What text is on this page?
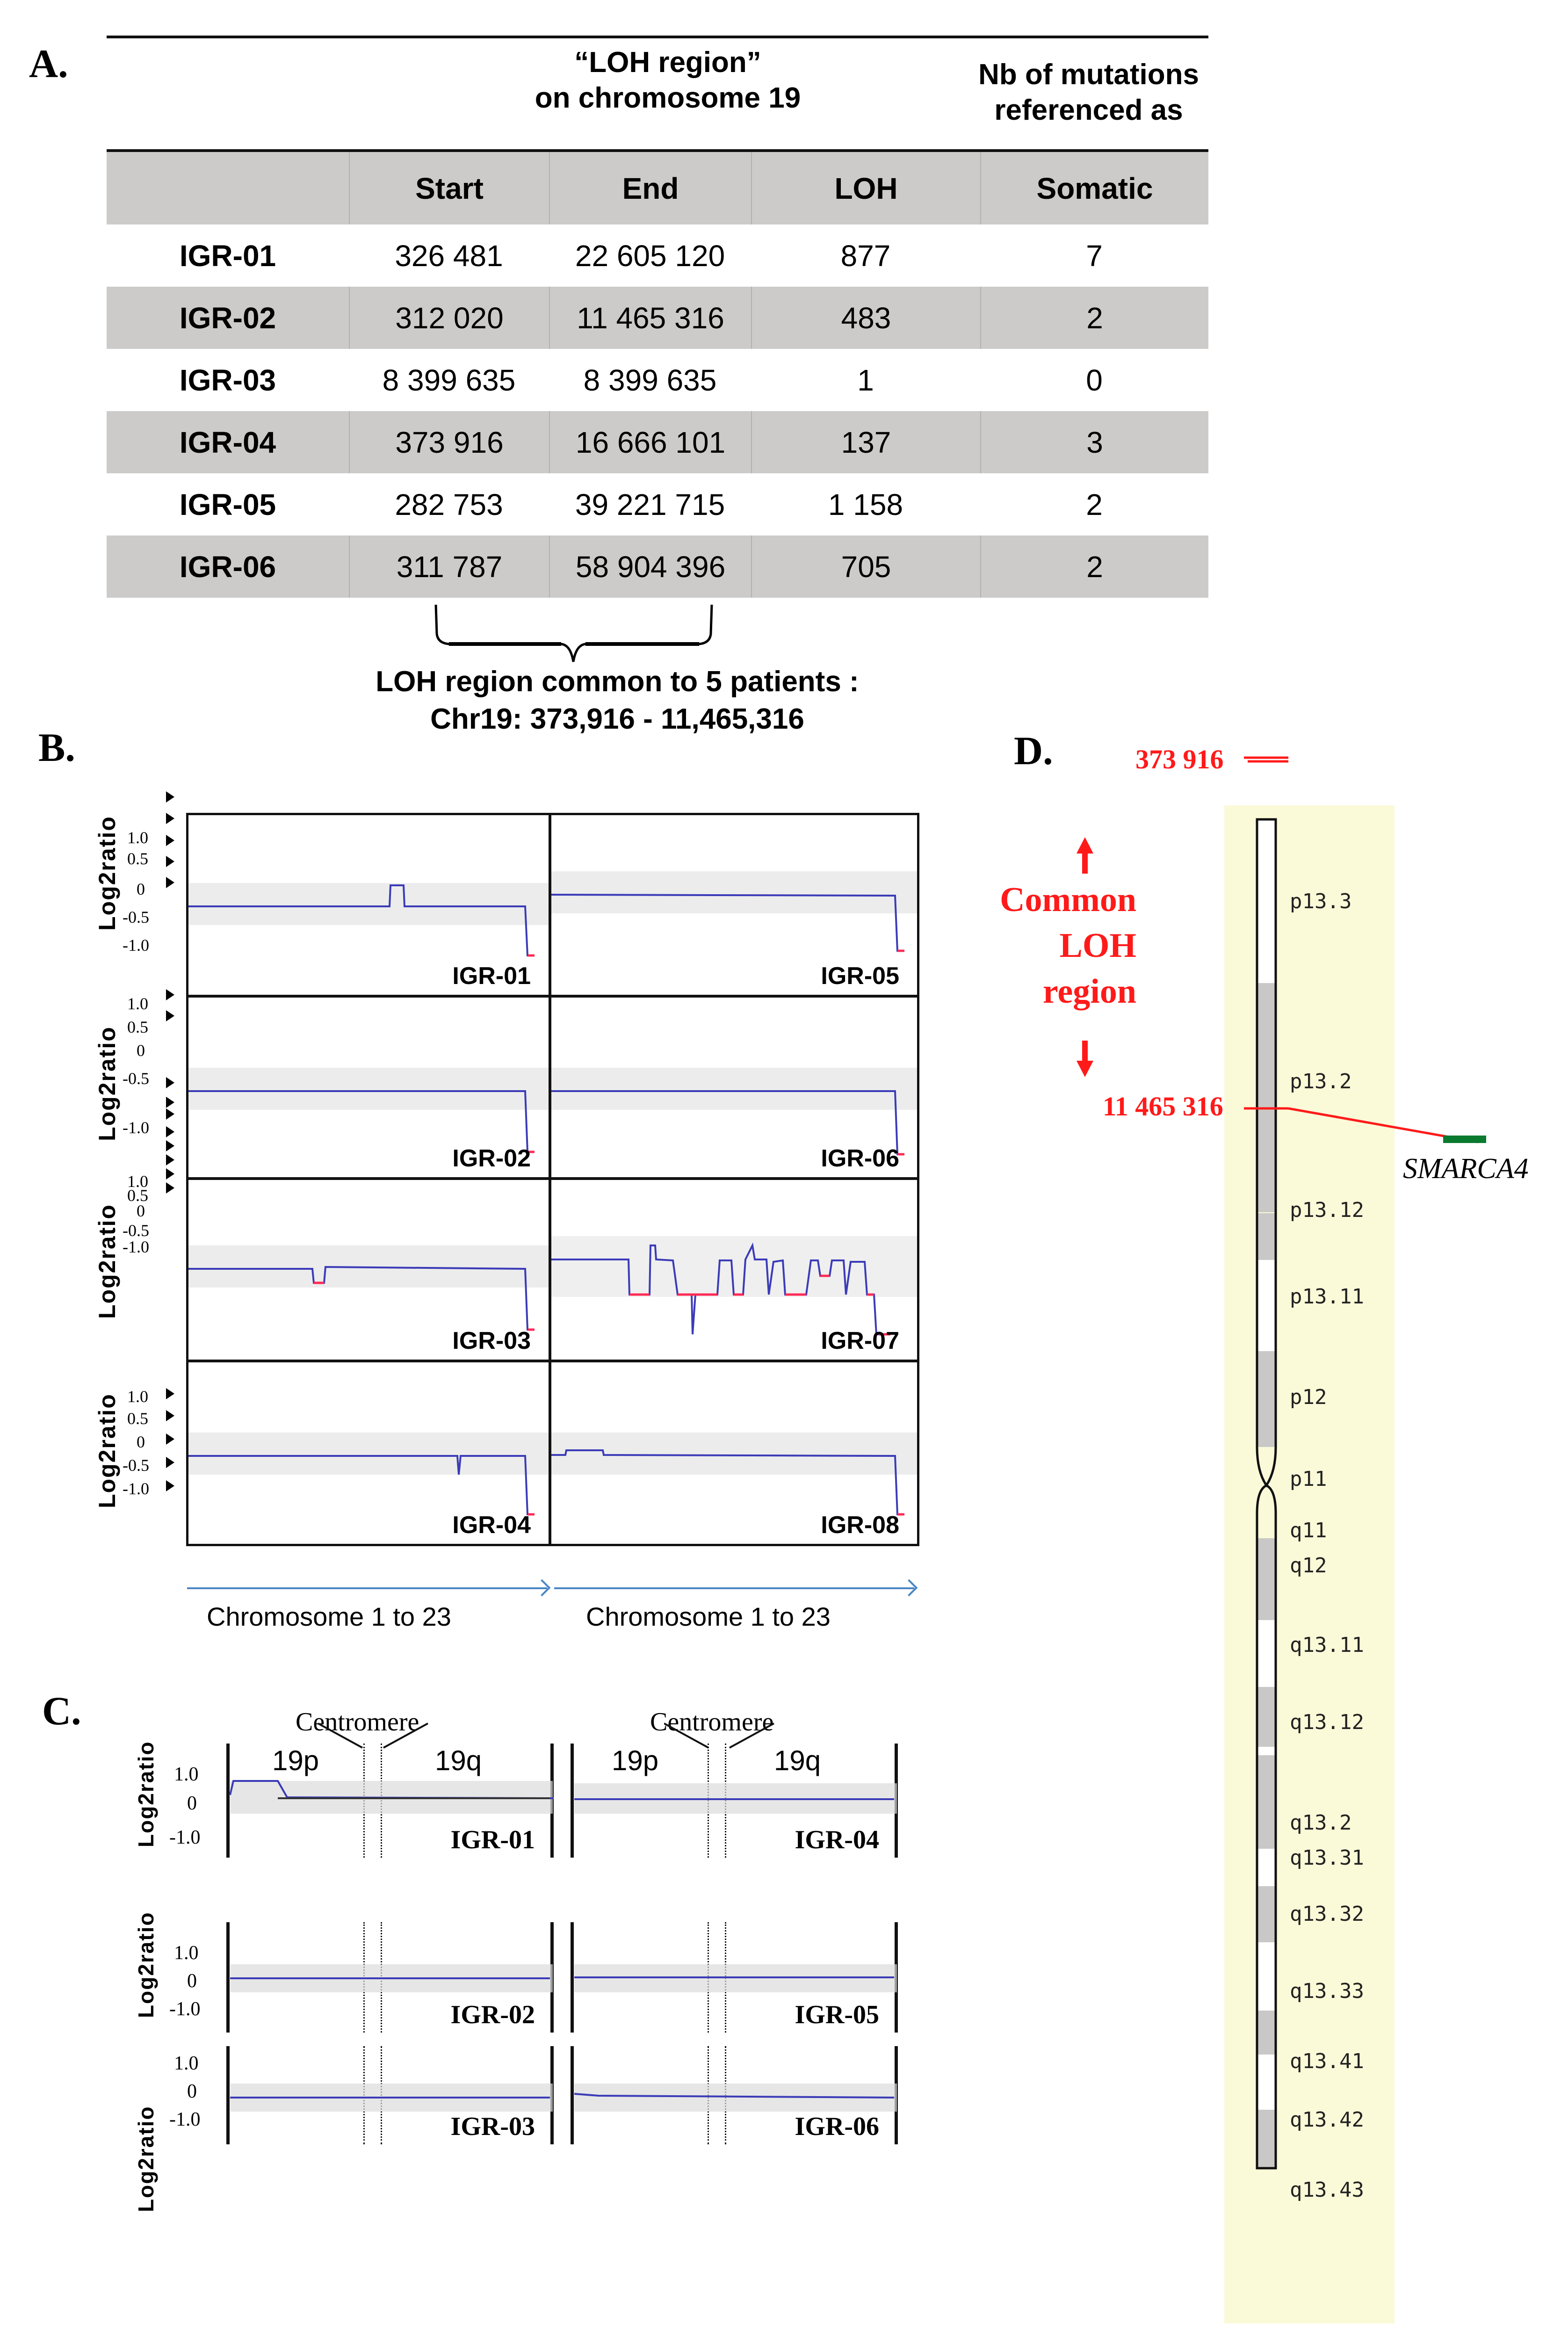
A.	“LOH region”
on chromosome 19
Nb of mutations
referenced as
Start	End	LOH	Somatic
IGR-01	326 481	22 605 120	877	7
IGR-02	312 020	11 465 316	483	2
IGR-03	8 399 635	8 399 635	1	0
IGR-04	373 916	16 666 101	137	3
IGR-05	282 753	39 221 715	1 158	2
IGR-06	311 787	58 904 396	705	2
LOH region common to 5 patients :
Chr19: 373,916 - 11,465,316
B.
Log2ratio 1.0
0.5
0
-0.5
-1.0
Log2ratio
1.0
0.5
0
-0.5
-1.0
Log2ratio
1.0
0.5
0
-0.5
-1.0
Log2ratio 1.0
0.5
0
-0.5
-1.0
IGR-01
IGR-02
IGR-03
IGR-04
IGR-05
IGR-06
IGR-07
IGR-08
Chromosome 1 to 23	Chromosome 1 to 23
C.	Centromere	Centromere
19p	19q	19p	19q
Log2ratio 1.0
0
-1.0	IGR-01	IGR-04
Log2ratio 1.0
0
-1.0	IGR-02	IGR-05
Log2ratio
1.0
0
-1.0	IGR-03	IGR-06
D.
p13.3
p13.2
p13.12
p13.11
p12
p11
q11
q12
q13.11
q13.12
q13.2
q13.31
q13.32
q13.33
q13.41
q13.42
q13.43
373 916
11 465 316
SMARCA4
Common
LOH
region
